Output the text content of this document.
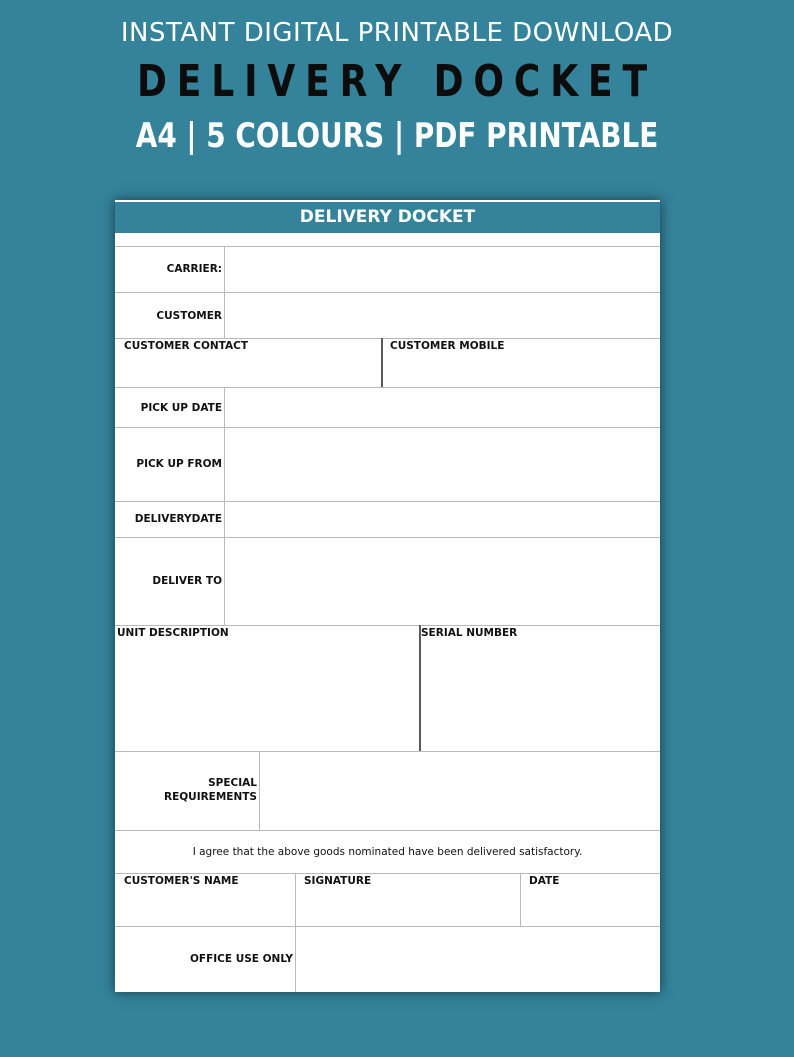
INSTANT DIGITAL PRINTABLE DOWNLOAD
DELIVERY DOCKET
A4 | 5 COLOURS | PDF PRINTABLE
DELIVERY DOCKET
CARRIER:
CUSTOMER
CUSTOMER CONTACT	CUSTOMER MOBILE
PICK UP DATE
PICK UP FROM
DELIVERYDATE
DELIVER TO
UNIT DESCRIPTION	SERIAL NUMBER
SPECIAL
REQUIREMENTS
I agree that the above goods nominated have been delivered satisfactory.
CUSTOMER'S NAME	SIGNATURE	DATE
OFFICE USE ONLY
